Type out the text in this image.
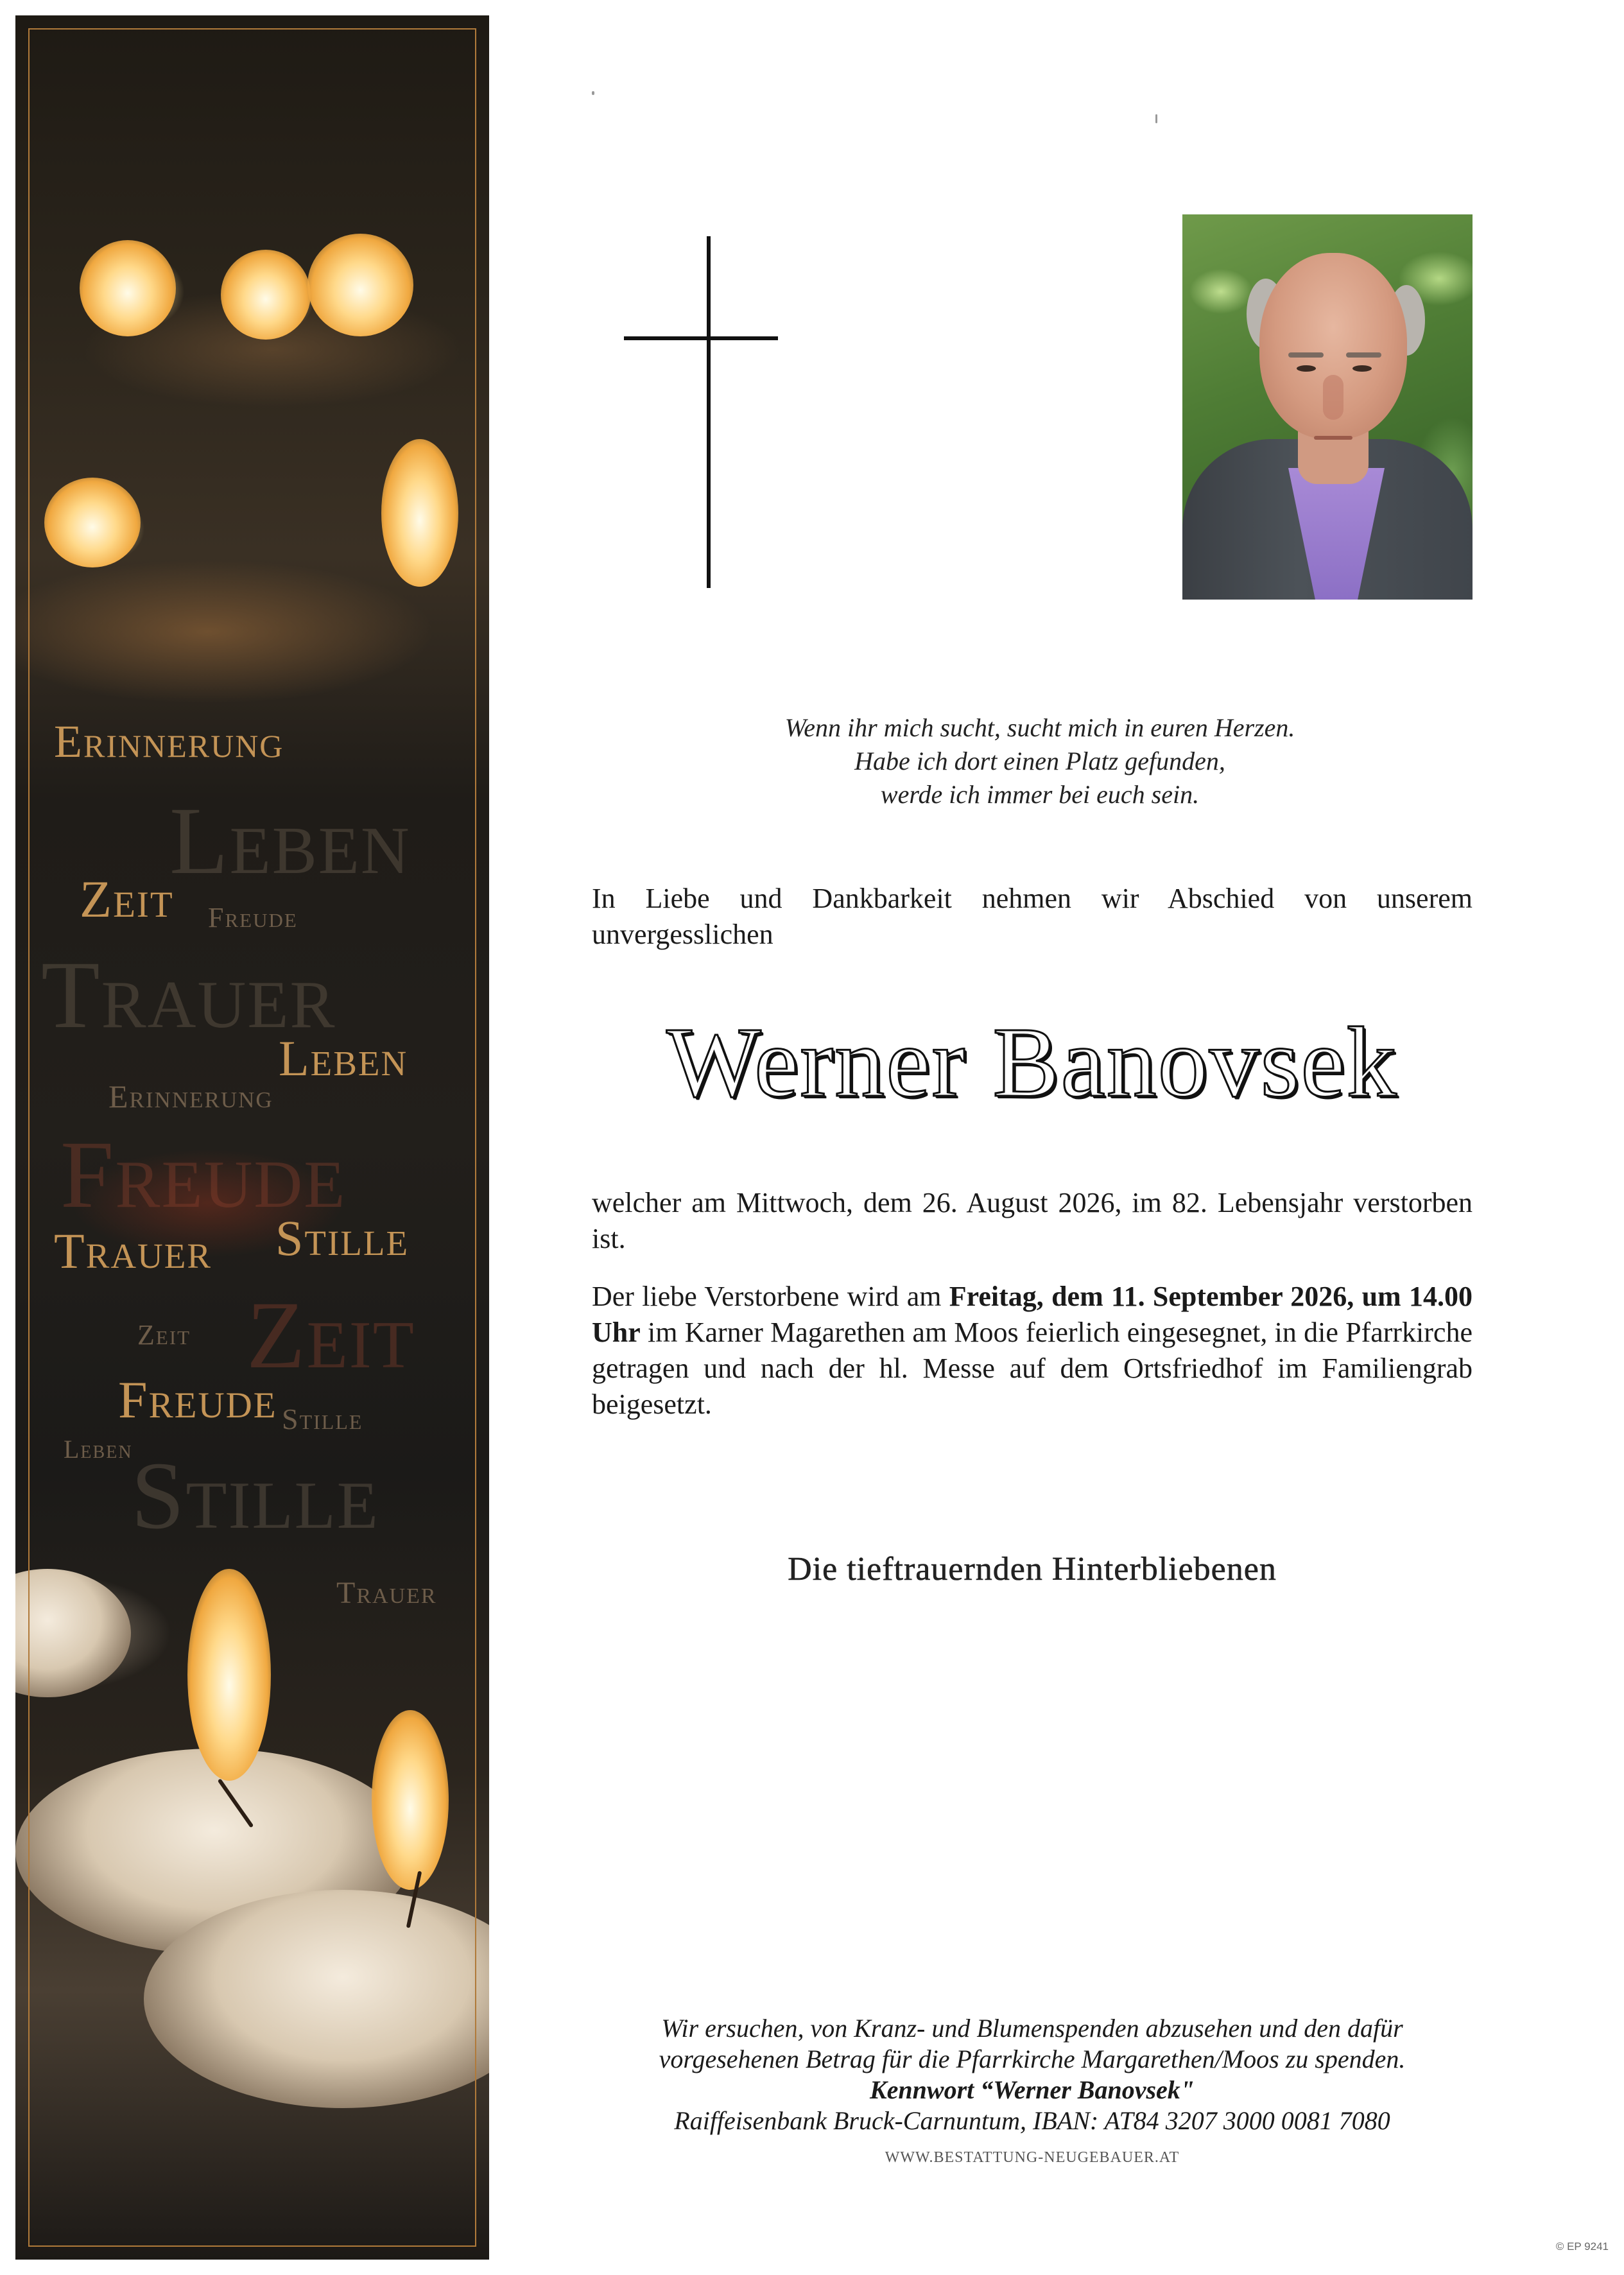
Erinnerung
Leben
Zeit Freude
Trauer
Leben
Erinnerung
Freude
Trauer Stille
Zeit Zeit
Freude Stille
Leben
Stille
Trauer
Wenn ihr mich sucht, sucht mich in euren Herzen.
Habe ich dort einen Platz gefunden,
werde ich immer bei euch sein.
In Liebe und Dankbarkeit nehmen wir Abschied von unserem unvergesslichen
Werner Banovsek
welcher am Mittwoch, dem 26. August 2026, im 82. Lebensjahr verstorben ist.
Der liebe Verstorbene wird am Freitag, dem 11. September 2026, um 14.00 Uhr im Karner Magarethen am Moos feierlich eingesegnet, in die Pfarrkirche getragen und nach der hl. Messe auf dem Ortsfriedhof im Familiengrab beigesetzt.
Die tieftrauernden Hinterbliebenen
Wir ersuchen, von Kranz- und Blumenspenden abzusehen und den dafür
vorgesehenen Betrag für die Pfarrkirche Margarethen/Moos zu spenden.
Kennwort “Werner Banovsek"
Raiffeisenbank Bruck-Carnuntum, IBAN: AT84 3207 3000 0081 7080
WWW.BESTATTUNG-NEUGEBAUER.AT
© EP 9241
